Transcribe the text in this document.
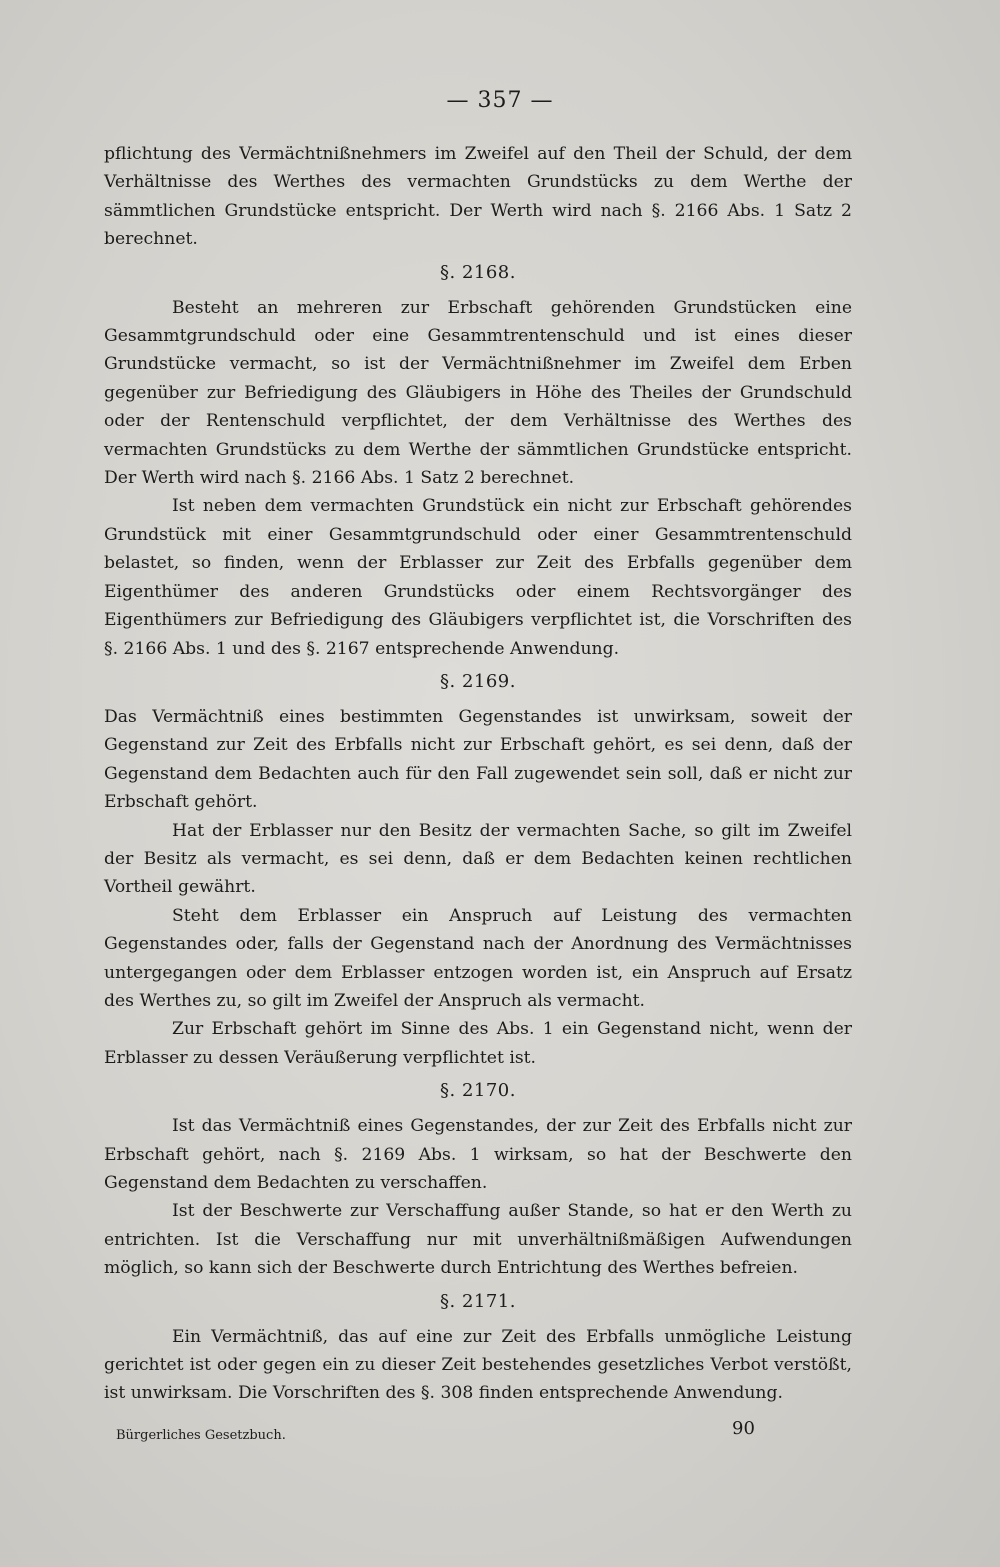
— 357 —

pflichtung des Vermächtnißnehmers im Zweifel auf den Theil der Schuld, der dem Verhältnisse des Werthes des vermachten Grundstücks zu dem Werthe der sämmtlichen Grundstücke entspricht. Der Werth wird nach §. 2166 Abs. 1 Satz 2 berechnet.

§. 2168.

Besteht an mehreren zur Erbschaft gehörenden Grundstücken eine Gesammtgrundschuld oder eine Gesammtrentenschuld und ist eines dieser Grundstücke vermacht, so ist der Vermächtnißnehmer im Zweifel dem Erben gegenüber zur Befriedigung des Gläubigers in Höhe des Theiles der Grundschuld oder der Rentenschuld verpflichtet, der dem Verhältnisse des Werthes des vermachten Grundstücks zu dem Werthe der sämmtlichen Grundstücke entspricht. Der Werth wird nach §. 2166 Abs. 1 Satz 2 berechnet.

Ist neben dem vermachten Grundstück ein nicht zur Erbschaft gehörendes Grundstück mit einer Gesammtgrundschuld oder einer Gesammtrentenschuld belastet, so finden, wenn der Erblasser zur Zeit des Erbfalls gegenüber dem Eigenthümer des anderen Grundstücks oder einem Rechtsvorgänger des Eigenthümers zur Befriedigung des Gläubigers verpflichtet ist, die Vorschriften des §. 2166 Abs. 1 und des §. 2167 entsprechende Anwendung.

§. 2169.

Das Vermächtniß eines bestimmten Gegenstandes ist unwirksam, soweit der Gegenstand zur Zeit des Erbfalls nicht zur Erbschaft gehört, es sei denn, daß der Gegenstand dem Bedachten auch für den Fall zugewendet sein soll, daß er nicht zur Erbschaft gehört.

Hat der Erblasser nur den Besitz der vermachten Sache, so gilt im Zweifel der Besitz als vermacht, es sei denn, daß er dem Bedachten keinen rechtlichen Vortheil gewährt.

Steht dem Erblasser ein Anspruch auf Leistung des vermachten Gegenstandes oder, falls der Gegenstand nach der Anordnung des Vermächtnisses untergegangen oder dem Erblasser entzogen worden ist, ein Anspruch auf Ersatz des Werthes zu, so gilt im Zweifel der Anspruch als vermacht.

Zur Erbschaft gehört im Sinne des Abs. 1 ein Gegenstand nicht, wenn der Erblasser zu dessen Veräußerung verpflichtet ist.

§. 2170.

Ist das Vermächtniß eines Gegenstandes, der zur Zeit des Erbfalls nicht zur Erbschaft gehört, nach §. 2169 Abs. 1 wirksam, so hat der Beschwerte den Gegenstand dem Bedachten zu verschaffen.

Ist der Beschwerte zur Verschaffung außer Stande, so hat er den Werth zu entrichten. Ist die Verschaffung nur mit unverhältnißmäßigen Aufwendungen möglich, so kann sich der Beschwerte durch Entrichtung des Werthes befreien.

§. 2171.

Ein Vermächtniß, das auf eine zur Zeit des Erbfalls unmögliche Leistung gerichtet ist oder gegen ein zu dieser Zeit bestehendes gesetzliches Verbot verstößt, ist unwirksam. Die Vorschriften des §. 308 finden entsprechende Anwendung.

Bürgerliches Gesetzbuch.	90
